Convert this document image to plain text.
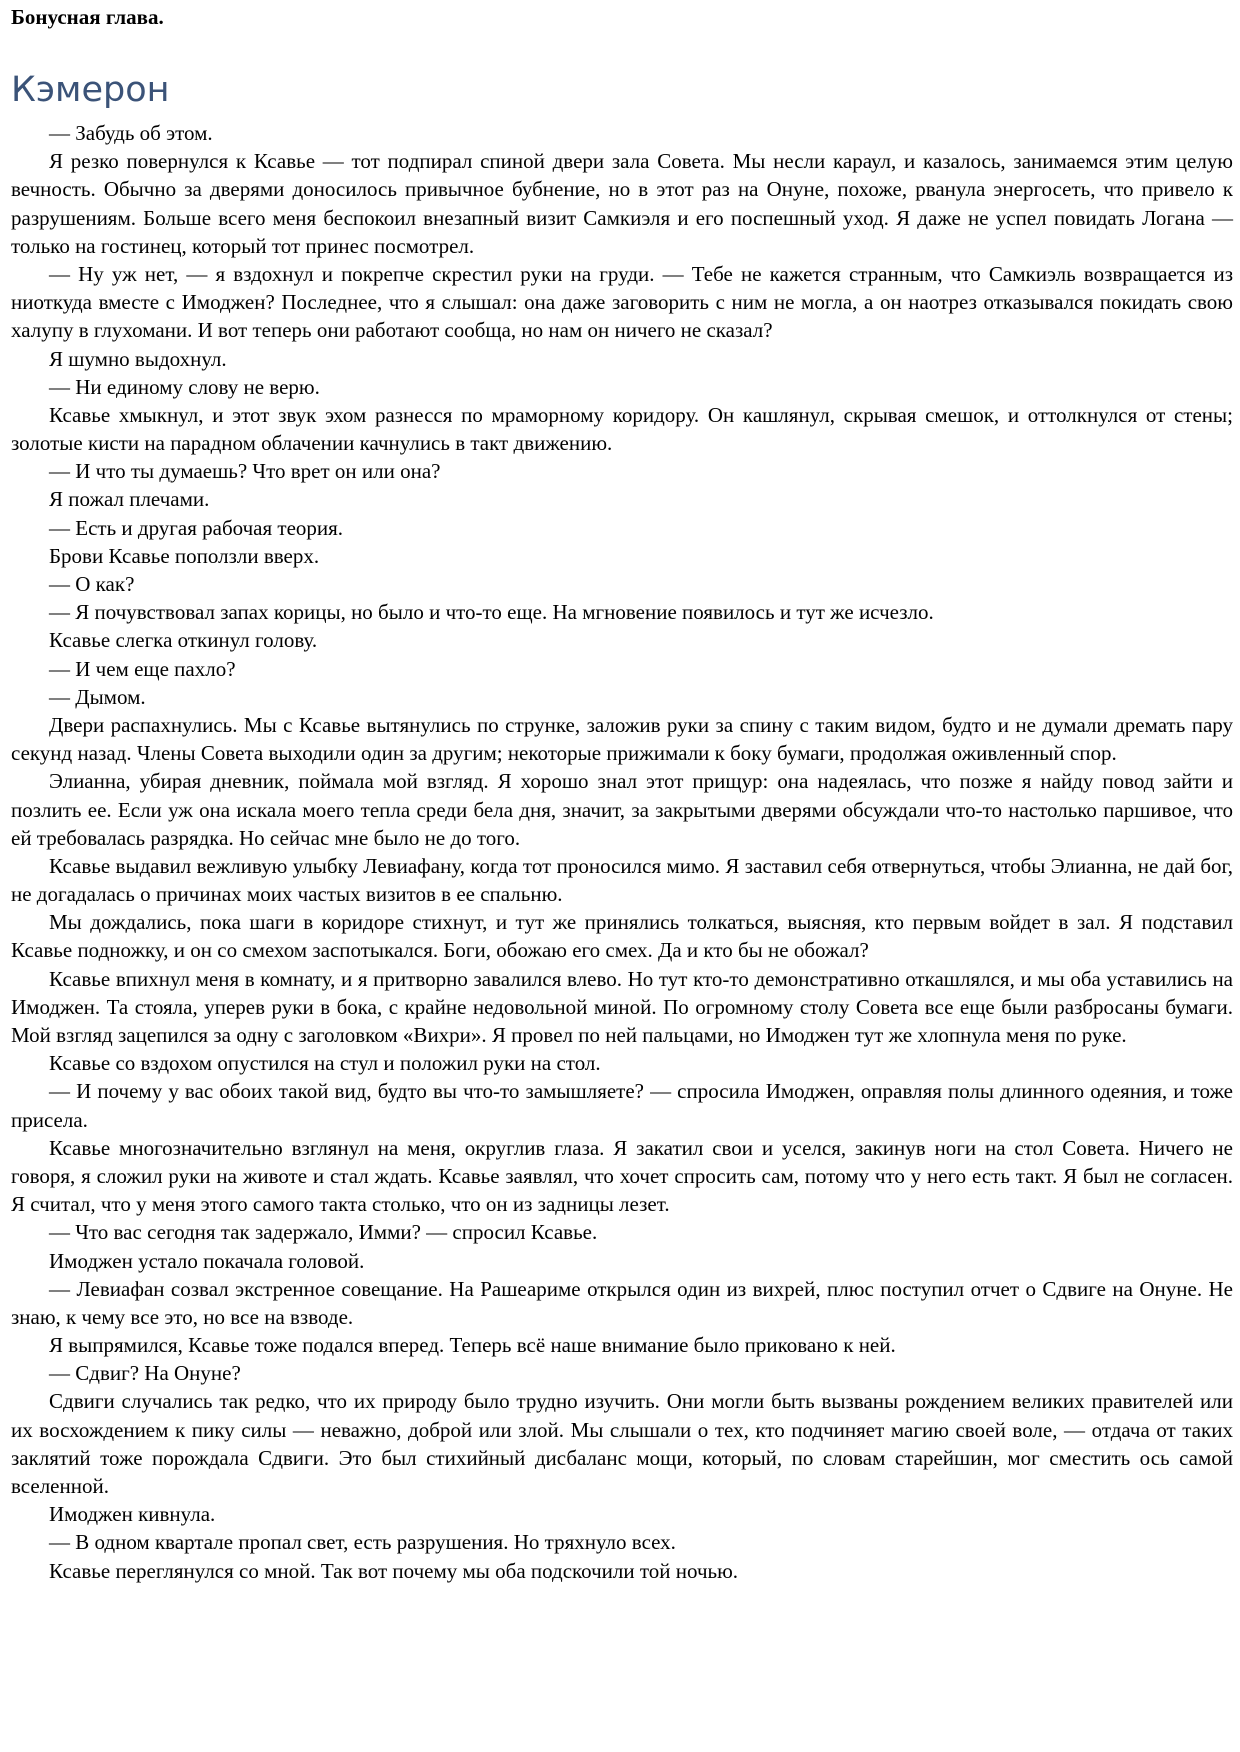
Бонусная глава.
Кэмерон

— Забудь об этом.

Я резко повернулся к Ксавье — тот подпирал спиной двери зала Совета. Мы несли караул, и казалось, занимаемся этим целую вечность. Обычно за дверями доносилось привычное бубнение, но в этот раз на Онуне, похоже, рванула энергосеть, что привело к разрушениям. Больше всего меня беспокоил внезапный визит Самкиэля и его поспешный уход. Я даже не успел повидать Логана — только на гостинец, который тот принес посмотрел.

— Ну уж нет, — я вздохнул и покрепче скрестил руки на груди. — Тебе не кажется странным, что Самкиэль возвращается из ниоткуда вместе с Имоджен? Последнее, что я слышал: она даже заговорить с ним не могла, а он наотрез отказывался покидать свою халупу в глухомани. И вот теперь они работают сообща, но нам он ничего не сказал?

Я шумно выдохнул.

— Ни единому слову не верю.

Ксавье хмыкнул, и этот звук эхом разнесся по мраморному коридору. Он кашлянул, скрывая смешок, и оттолкнулся от стены; золотые кисти на парадном облачении качнулись в такт движению.

— И что ты думаешь? Что врет он или она?

Я пожал плечами.

— Есть и другая рабочая теория.

Брови Ксавье поползли вверх.

— О как?

— Я почувствовал запах корицы, но было и что-то еще. На мгновение появилось и тут же исчезло.

Ксавье слегка откинул голову.

— И чем еще пахло?

— Дымом.

Двери распахнулись. Мы с Ксавье вытянулись по струнке, заложив руки за спину с таким видом, будто и не думали дремать пару секунд назад. Члены Совета выходили один за другим; некоторые прижимали к боку бумаги, продолжая оживленный спор.

Элианна, убирая дневник, поймала мой взгляд. Я хорошо знал этот прищур: она надеялась, что позже я найду повод зайти и позлить ее. Если уж она искала моего тепла среди бела дня, значит, за закрытыми дверями обсуждали что-то настолько паршивое, что ей требовалась разрядка. Но сейчас мне было не до того.

Ксавье выдавил вежливую улыбку Левиафану, когда тот проносился мимо. Я заставил себя отвернуться, чтобы Элианна, не дай бог, не догадалась о причинах моих частых визитов в ее спальню.

Мы дождались, пока шаги в коридоре стихнут, и тут же принялись толкаться, выясняя, кто первым войдет в зал. Я подставил Ксавье подножку, и он со смехом заспотыкался. Боги, обожаю его смех. Да и кто бы не обожал?

Ксавье впихнул меня в комнату, и я притворно завалился влево. Но тут кто-то демонстративно откашлялся, и мы оба уставились на Имоджен. Та стояла, уперев руки в бока, с крайне недовольной миной. По огромному столу Совета все еще были разбросаны бумаги. Мой взгляд зацепился за одну с заголовком «Вихри». Я провел по ней пальцами, но Имоджен тут же хлопнула меня по руке.

Ксавье со вздохом опустился на стул и положил руки на стол.

— И почему у вас обоих такой вид, будто вы что-то замышляете? — спросила Имоджен, оправляя полы длинного одеяния, и тоже присела.

Ксавье многозначительно взглянул на меня, округлив глаза. Я закатил свои и уселся, закинув ноги на стол Совета. Ничего не говоря, я сложил руки на животе и стал ждать. Ксавье заявлял, что хочет спросить сам, потому что у него есть такт. Я был не согласен. Я считал, что у меня этого самого такта столько, что он из задницы лезет.

— Что вас сегодня так задержало, Имми? — спросил Ксавье.

Имоджен устало покачала головой.

— Левиафан созвал экстренное совещание. На Рашеариме открылся один из вихрей, плюс поступил отчет о Сдвиге на Онуне. Не знаю, к чему все это, но все на взводе.

Я выпрямился, Ксавье тоже подался вперед. Теперь всё наше внимание было приковано к ней.

— Сдвиг? На Онуне?

Сдвиги случались так редко, что их природу было трудно изучить. Они могли быть вызваны рождением великих правителей или их восхождением к пику силы — неважно, доброй или злой. Мы слышали о тех, кто подчиняет магию своей воле, — отдача от таких заклятий тоже порождала Сдвиги. Это был стихийный дисбаланс мощи, который, по словам старейшин, мог сместить ось самой вселенной.

Имоджен кивнула.

— В одном квартале пропал свет, есть разрушения. Но тряхнуло всех.

Ксавье переглянулся со мной. Так вот почему мы оба подскочили той ночью.
